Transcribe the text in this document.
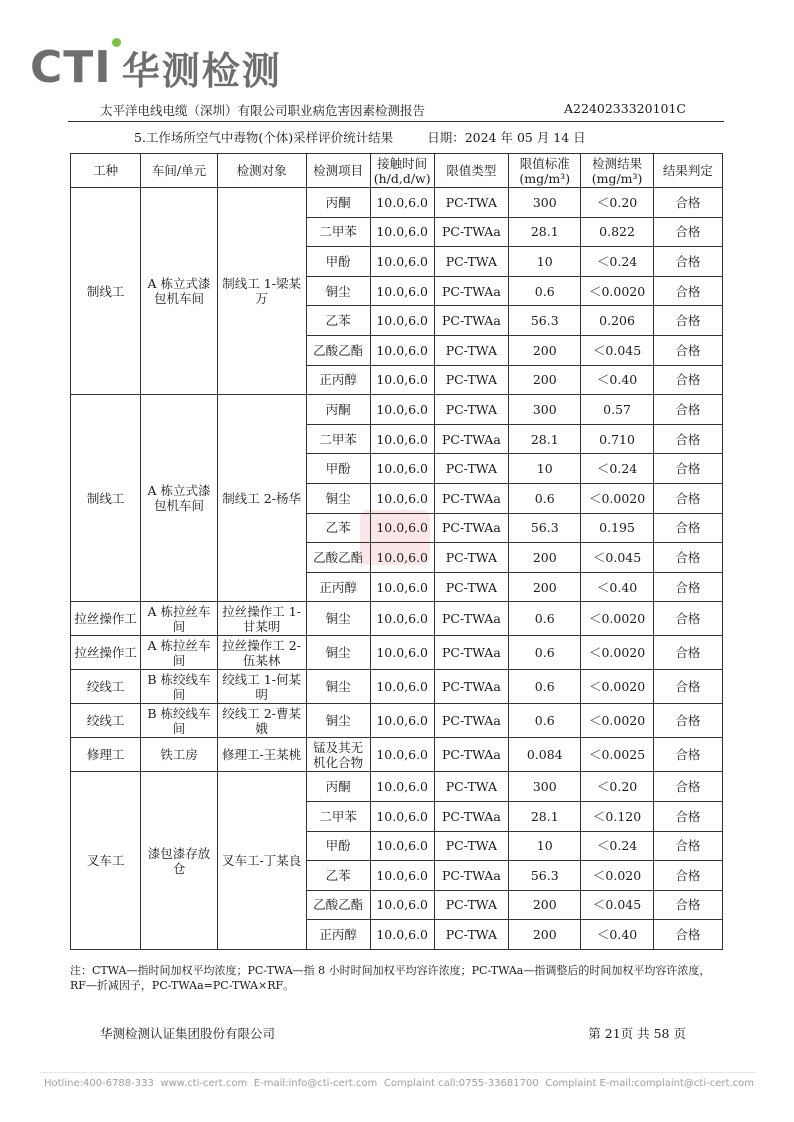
CTI 华测检测
太平洋电线电缆（深圳）有限公司职业病危害因素检测报告	A2240233320101C
5.工作场所空气中毒物(个体)采样评价统计结果	日期：2024 年 05 月 14 日
工种	车间/单元	检测对象	检测项目	接触时间(h/d,d/w)	限值类型	限值标准(mg/m³)	检测结果(mg/m³)	结果判定
制线工	A 栋立式漆包机车间	制线工 1-梁某万	丙酮	10.0,6.0	PC-TWA	300	＜0.20	合格
			二甲苯	10.0,6.0	PC-TWAa	28.1	0.822	合格
			甲酚	10.0,6.0	PC-TWA	10	＜0.24	合格
			铜尘	10.0,6.0	PC-TWAa	0.6	＜0.0020	合格
			乙苯	10.0,6.0	PC-TWAa	56.3	0.206	合格
			乙酸乙酯	10.0,6.0	PC-TWA	200	＜0.045	合格
			正丙醇	10.0,6.0	PC-TWA	200	＜0.40	合格
制线工	A 栋立式漆包机车间	制线工 2-杨华	丙酮	10.0,6.0	PC-TWA	300	0.57	合格
			二甲苯	10.0,6.0	PC-TWAa	28.1	0.710	合格
			甲酚	10.0,6.0	PC-TWA	10	＜0.24	合格
			铜尘	10.0,6.0	PC-TWAa	0.6	＜0.0020	合格
			乙苯	10.0,6.0	PC-TWAa	56.3	0.195	合格
			乙酸乙酯	10.0,6.0	PC-TWA	200	＜0.045	合格
			正丙醇	10.0,6.0	PC-TWA	200	＜0.40	合格
拉丝操作工	A 栋拉丝车间	拉丝操作工 1-甘某明	铜尘	10.0,6.0	PC-TWAa	0.6	＜0.0020	合格
拉丝操作工	A 栋拉丝车间	拉丝操作工 2-伍某林	铜尘	10.0,6.0	PC-TWAa	0.6	＜0.0020	合格
绞线工	B 栋绞线车间	绞线工 1-何某明	铜尘	10.0,6.0	PC-TWAa	0.6	＜0.0020	合格
绞线工	B 栋绞线车间	绞线工 2-曹某娥	铜尘	10.0,6.0	PC-TWAa	0.6	＜0.0020	合格
修理工	铁工房	修理工-王某桃	锰及其无机化合物	10.0,6.0	PC-TWAa	0.084	＜0.0025	合格
叉车工	漆包漆存放仓	叉车工-丁某良	丙酮	10.0,6.0	PC-TWA	300	＜0.20	合格
			二甲苯	10.0,6.0	PC-TWAa	28.1	＜0.120	合格
			甲酚	10.0,6.0	PC-TWA	10	＜0.24	合格
			乙苯	10.0,6.0	PC-TWAa	56.3	＜0.020	合格
			乙酸乙酯	10.0,6.0	PC-TWA	200	＜0.045	合格
			正丙醇	10.0,6.0	PC-TWA	200	＜0.40	合格
注：CTWA—指时间加权平均浓度；PC-TWA—指 8 小时时间加权平均容许浓度；PC-TWAa—指调整后的时间加权平均容许浓度，RF—折减因子，PC-TWAa=PC-TWA×RF。
华测检测认证集团股份有限公司	第 21页 共 58 页
Hotline:400-6788-333 www.cti-cert.com E-mail:info@cti-cert.com Complaint call:0755-33681700 Complaint E-mail:complaint@cti-cert.com
